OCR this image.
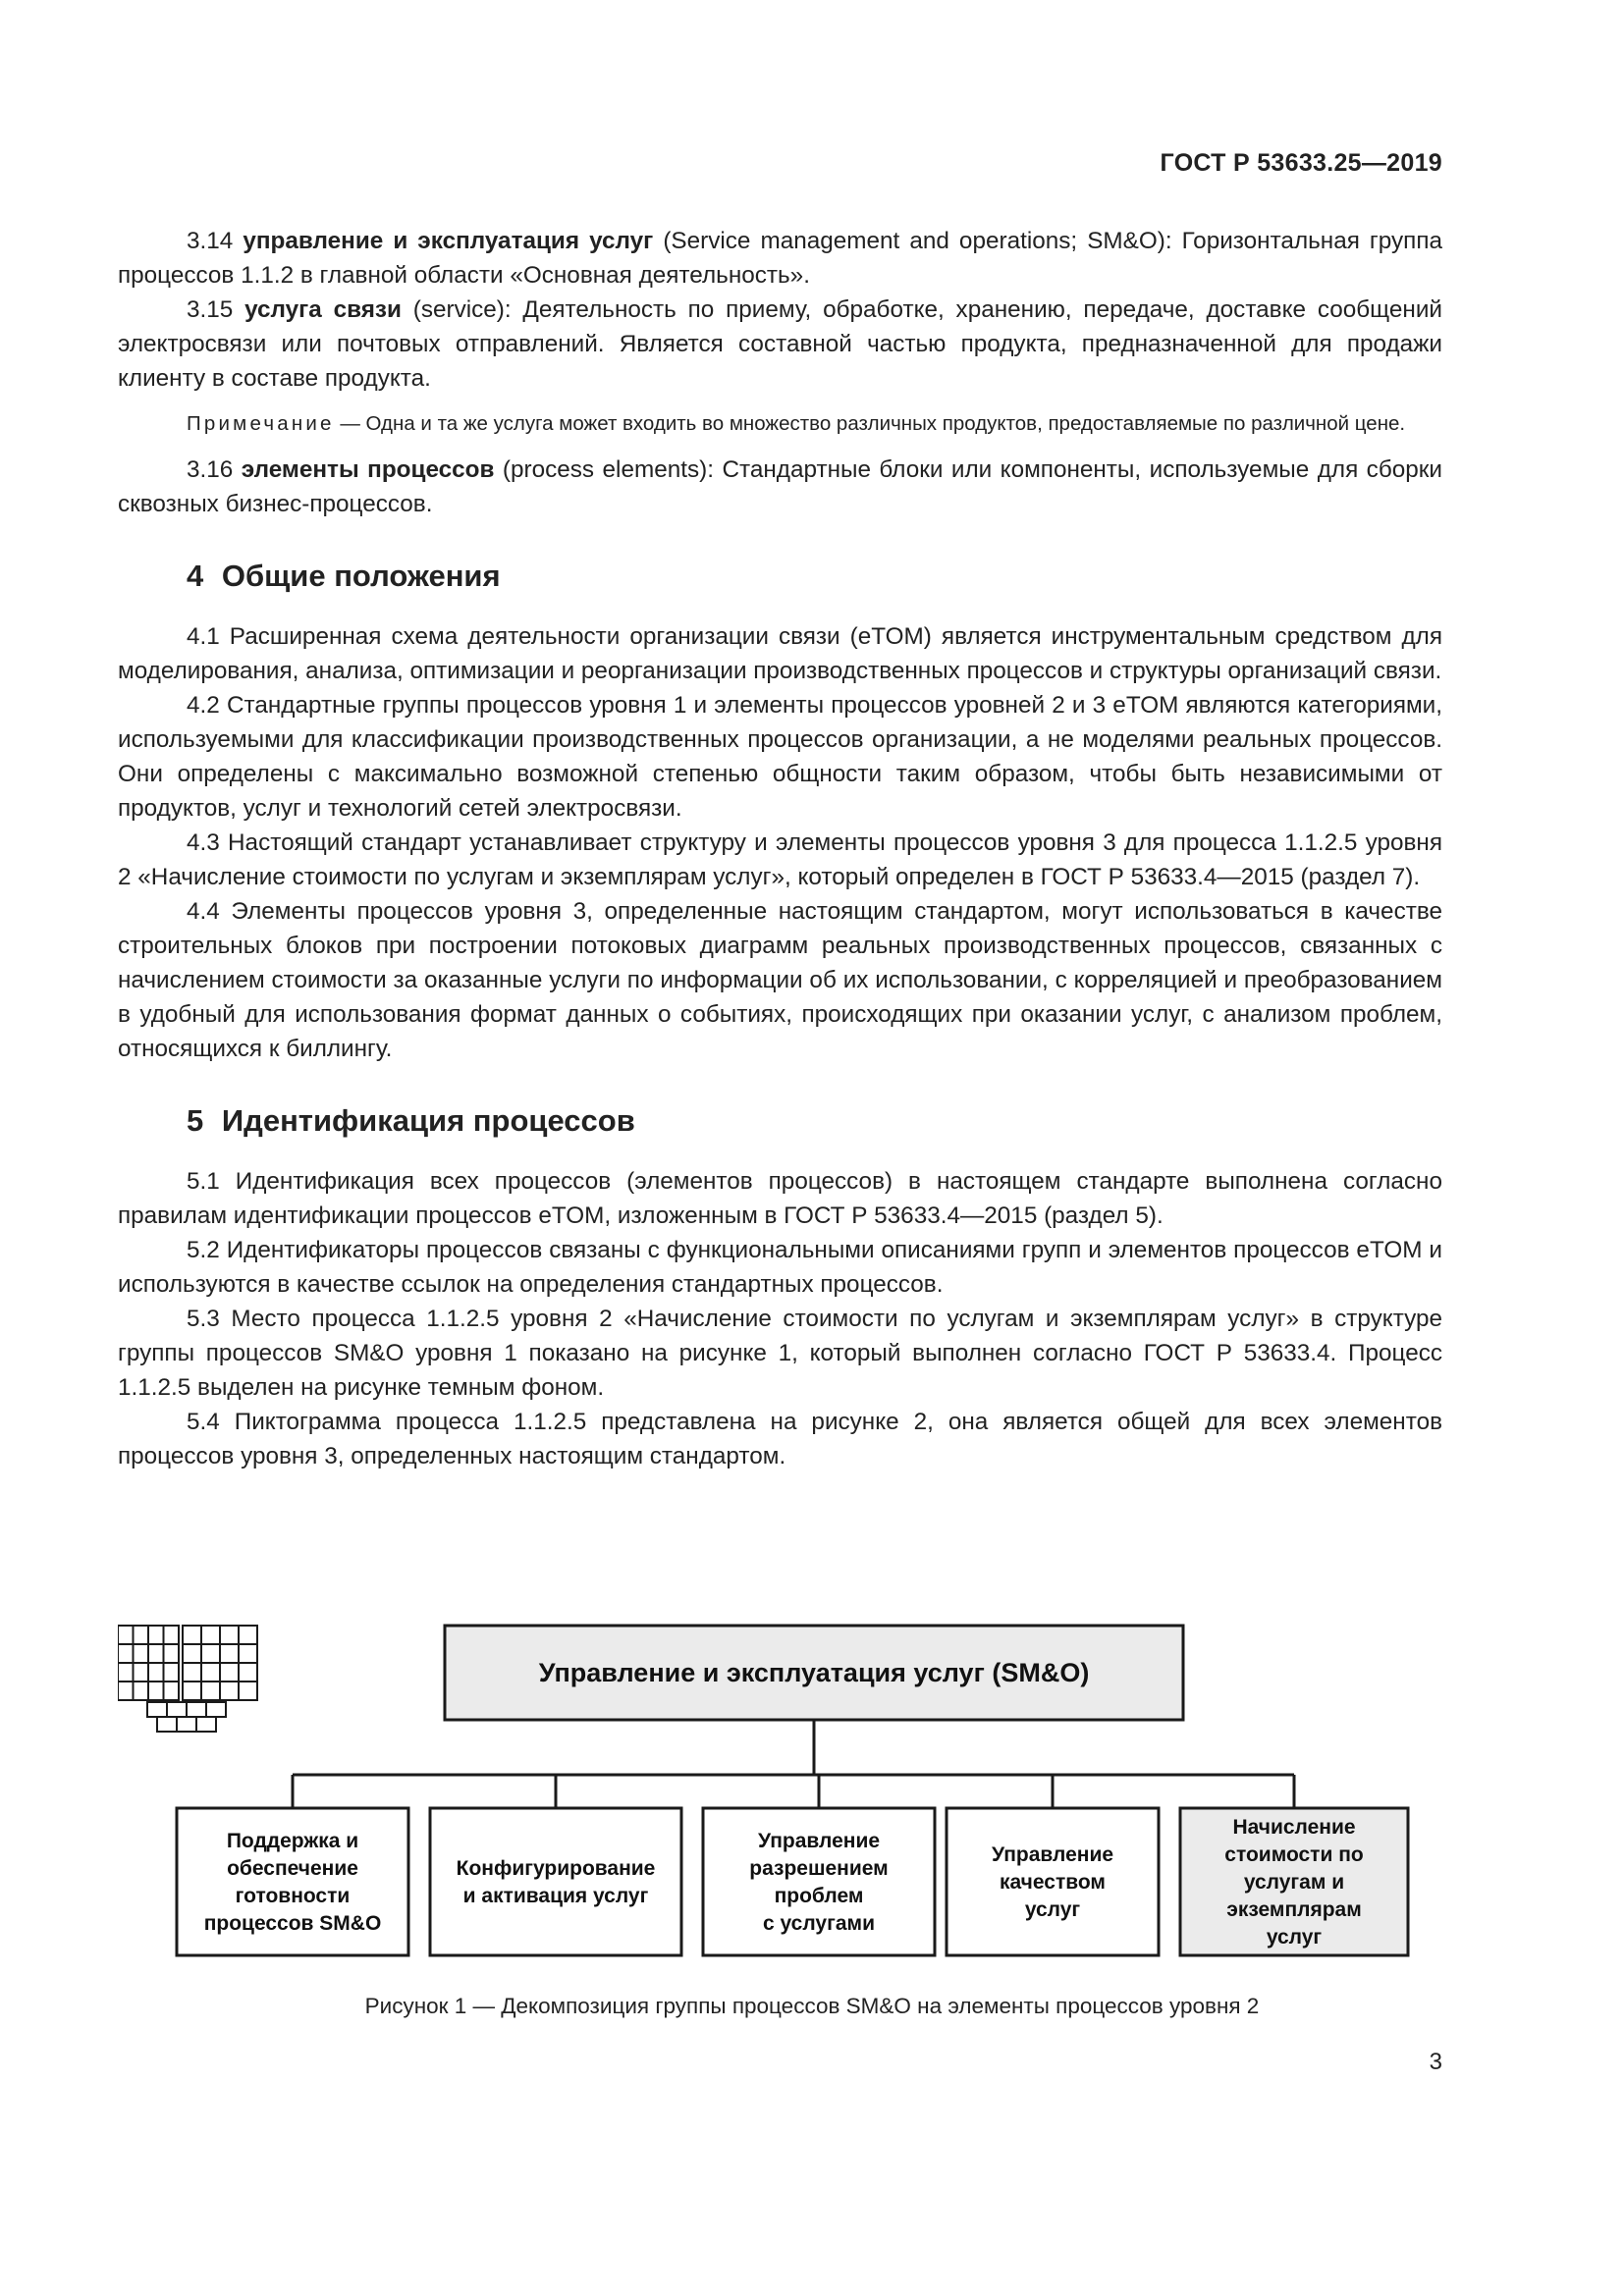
ГОСТ Р 53633.25—2019

3.14 управление и эксплуатация услуг (Service management and operations; SM&O): Горизонтальная группа процессов 1.1.2 в главной области «Основная деятельность».

3.15 услуга связи (service): Деятельность по приему, обработке, хранению, передаче, доставке сообщений электросвязи или почтовых отправлений. Является составной частью продукта, предназначенной для продажи клиенту в составе продукта.

Примечание — Одна и та же услуга может входить во множество различных продуктов, предоставляемые по различной цене.

3.16 элементы процессов (process elements): Стандартные блоки или компоненты, используемые для сборки сквозных бизнес-процессов.

4 Общие положения

4.1 Расширенная схема деятельности организации связи (eTOM) является инструментальным средством для моделирования, анализа, оптимизации и реорганизации производственных процессов и структуры организаций связи.

4.2 Стандартные группы процессов уровня 1 и элементы процессов уровней 2 и 3 eTOM являются категориями, используемыми для классификации производственных процессов организации, а не моделями реальных процессов. Они определены с максимально возможной степенью общности таким образом, чтобы быть независимыми от продуктов, услуг и технологий сетей электросвязи.

4.3 Настоящий стандарт устанавливает структуру и элементы процессов уровня 3 для процесса 1.1.2.5 уровня 2 «Начисление стоимости по услугам и экземплярам услуг», который определен в ГОСТ Р 53633.4—2015 (раздел 7).

4.4 Элементы процессов уровня 3, определенные настоящим стандартом, могут использоваться в качестве строительных блоков при построении потоковых диаграмм реальных производственных процессов, связанных с начислением стоимости за оказанные услуги по информации об их использовании, с корреляцией и преобразованием в удобный для использования формат данных о событиях, происходящих при оказании услуг, с анализом проблем, относящихся к биллингу.

5 Идентификация процессов

5.1 Идентификация всех процессов (элементов процессов) в настоящем стандарте выполнена согласно правилам идентификации процессов eTOM, изложенным в ГОСТ Р 53633.4—2015 (раздел 5).

5.2 Идентификаторы процессов связаны с функциональными описаниями групп и элементов процессов eTOM и используются в качестве ссылок на определения стандартных процессов.

5.3 Место процесса 1.1.2.5 уровня 2 «Начисление стоимости по услугам и экземплярам услуг» в структуре группы процессов SM&O уровня 1 показано на рисунке 1, который выполнен согласно ГОСТ Р 53633.4. Процесс 1.1.2.5 выделен на рисунке темным фоном.

5.4 Пиктограмма процесса 1.1.2.5 представлена на рисунке 2, она является общей для всех элементов процессов уровня 3, определенных настоящим стандартом.

Управление и эксплуатация услуг (SM&O)
Поддержка и
обеспечение
готовности
процессов SM&O
Конфигурирование
и активация услуг
Управление
разрешением
проблем
с услугами
Управление
качеством
услуг
Начисление
стоимости по
услугам и
экземплярам
услуг
Рисунок 1 — Декомпозиция группы процессов SM&O на элементы процессов уровня 2
3
